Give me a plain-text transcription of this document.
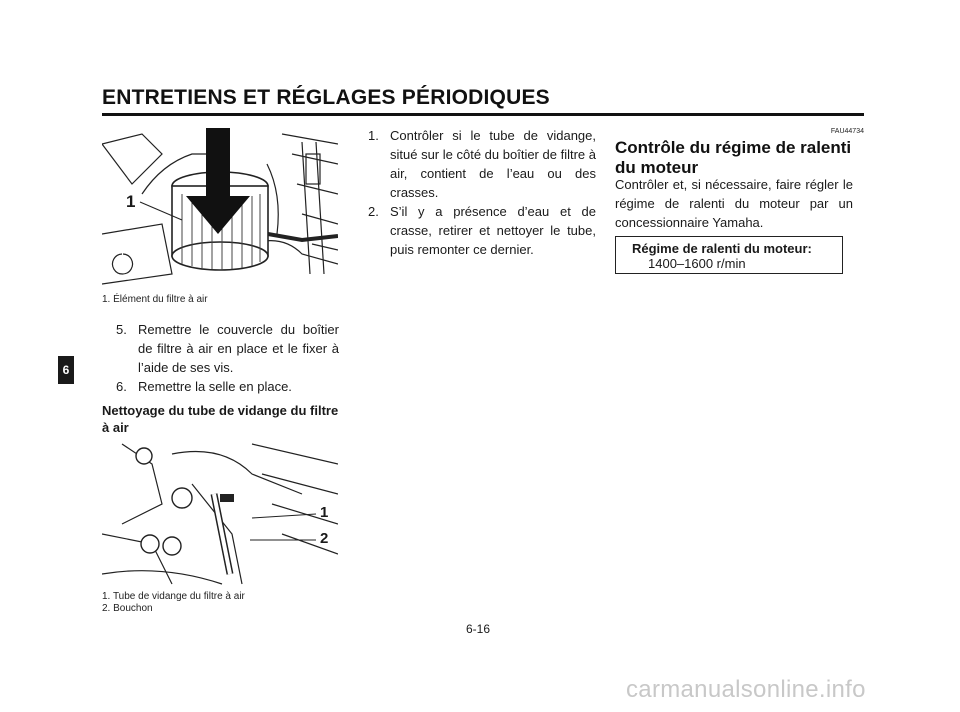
ENTRETIENS ET RÉGLAGES PÉRIODIQUES
6
1
1. Élément du filtre à air
5. Remettre le couvercle du boîtier de filtre à air en place et le fixer à l’aide de ses vis.
6. Remettre la selle en place.
Nettoyage du tube de vidange du filtre à air
1
2
1. Tube de vidange du filtre à air
2. Bouchon
1. Contrôler si le tube de vidange, situé sur le côté du boîtier de filtre à air, contient de l’eau ou des crasses.
2. S’il y a présence d’eau et de crasse, retirer et nettoyer le tube, puis remonter ce dernier.
FAU44734
Contrôle du régime de ralenti
du moteur
Contrôler et, si nécessaire, faire régler le régime de ralenti du moteur par un concessionnaire Yamaha.
Régime de ralenti du moteur:
1400–1600 r/min
6-16
carmanualsonline.info
